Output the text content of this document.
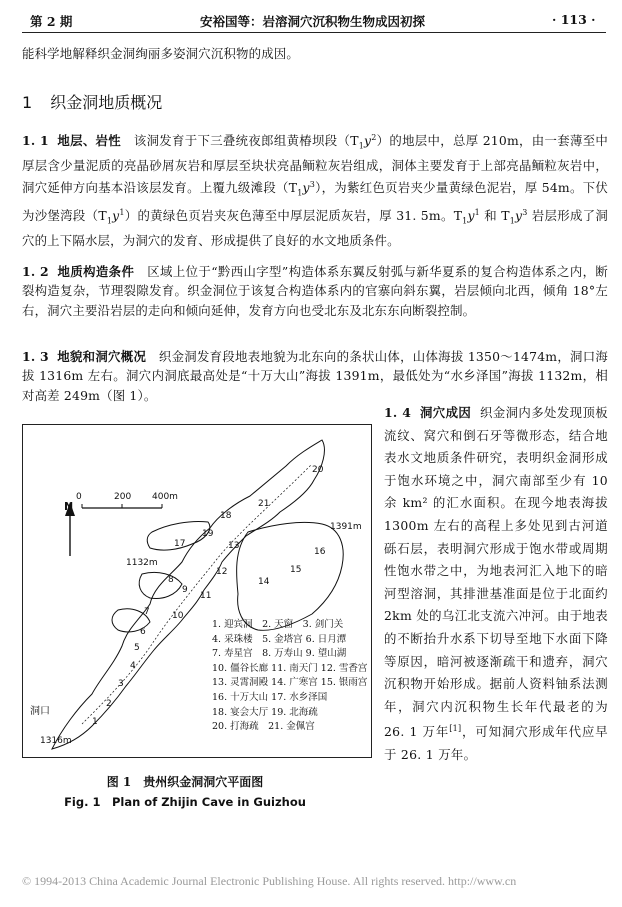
第 2 期	安裕国等：岩溶洞穴沉积物生物成因初探	· 113 ·
能科学地解释织金洞绚丽多姿洞穴沉积物的成因。
1 织金洞地质概况
1. 1 地层、岩性 该洞发育于下三叠统夜郎组黄椿坝段$(T_1y^2)$的地层中，总厚 210m，由一套薄至中厚层含少量泥质的亮晶砂屑灰岩和厚层至块状亮晶鲕粒灰岩组成，洞体主要发育于上部亮晶鲕粒灰岩中，洞穴延伸方向基本沿该层发育。上覆九级滩段$(T_1y^3)$，为紫红色页岩夹少量黄绿色泥岩，厚 54m。下伏为沙堡湾段$(T_1y^1)$的黄绿色页岩夹灰色薄至中厚层泥质灰岩，厚 31. 5m。$T_1y^1$ 和 $T_1y^3$ 岩层形成了洞穴的上下隔水层，为洞穴的发育、形成提供了良好的水文地质条件。
1. 2 地质构造条件 区域上位于“黔西山字型”构造体系东翼反射弧与新华夏系的复合构造体系之内，断裂构造复杂，节理裂隙发育。织金洞位于该复合构造体系内的官寨向斜东翼，岩层倾向北西，倾角 18°左右，洞穴主要沿岩层的走向和倾向延伸，发育方向也受北东及北东东向断裂控制。
1. 3 地貌和洞穴概况 织金洞发育段地表地貌为北东向的条状山体，山体海拔 1350～1474m，洞口海拔 1316m 左右。洞穴内洞底最高处是“十万大山”海拔 1391m，最低处为“水乡泽国”海拔 1132m，相对高差 249m（图 1）。
1. 4 洞穴成因 织金洞内多处发现顶板流纹、窝穴和倒石牙等微形态，结合地表水文地质条件研究，表明织金洞形成于饱水环境之中，洞穴南部至少有 10 余 km² 的汇水面积。在现今地表海拔 1300m 左右的高程上多处见到古河道砾石层，表明洞穴形成于饱水带或周期性饱水带之中，为地表河汇入地下的暗河型溶洞，其排泄基准面是位于北面约 2km 处的乌江北支流六冲河。由于地表的不断抬升水系下切导至地下水面下降等原因，暗河被逐渐疏干和遗弃，洞穴沉积物开始形成。据前人资料铀系法测年，洞穴内沉积物生长年代最老的为 26. 1 万年[1]，可知洞穴形成年代应早于 26. 1 万年。
1
2
3
4
5
6
7
8
9
10
11
12
13
14
15
16
17
18
19
20
21
N
0	200 400m
1132m
1391m
洞口
1316m
1. 迎宾洞　2. 天窗　3. 剑门关
4. 采珠楼　5. 金塔宫 6. 日月潭
7. 寿星宫　8. 万寿山 9. 望山湖
10. 僵谷长廊 11. 南天门 12. 雪香宫
13. 灵霄洞殿 14. 广寒宫 15. 银雨宫
16. 十万大山 17. 水乡泽国
18. 宴会大厅 19. 北海疏
20. 打海疏　21. 金佩宫
图 1　贵州织金洞洞穴平面图
Fig. 1　Plan of Zhijin Cave in Guizhou
© 1994-2013 China Academic Journal Electronic Publishing House. All rights reserved. http://www.cn
